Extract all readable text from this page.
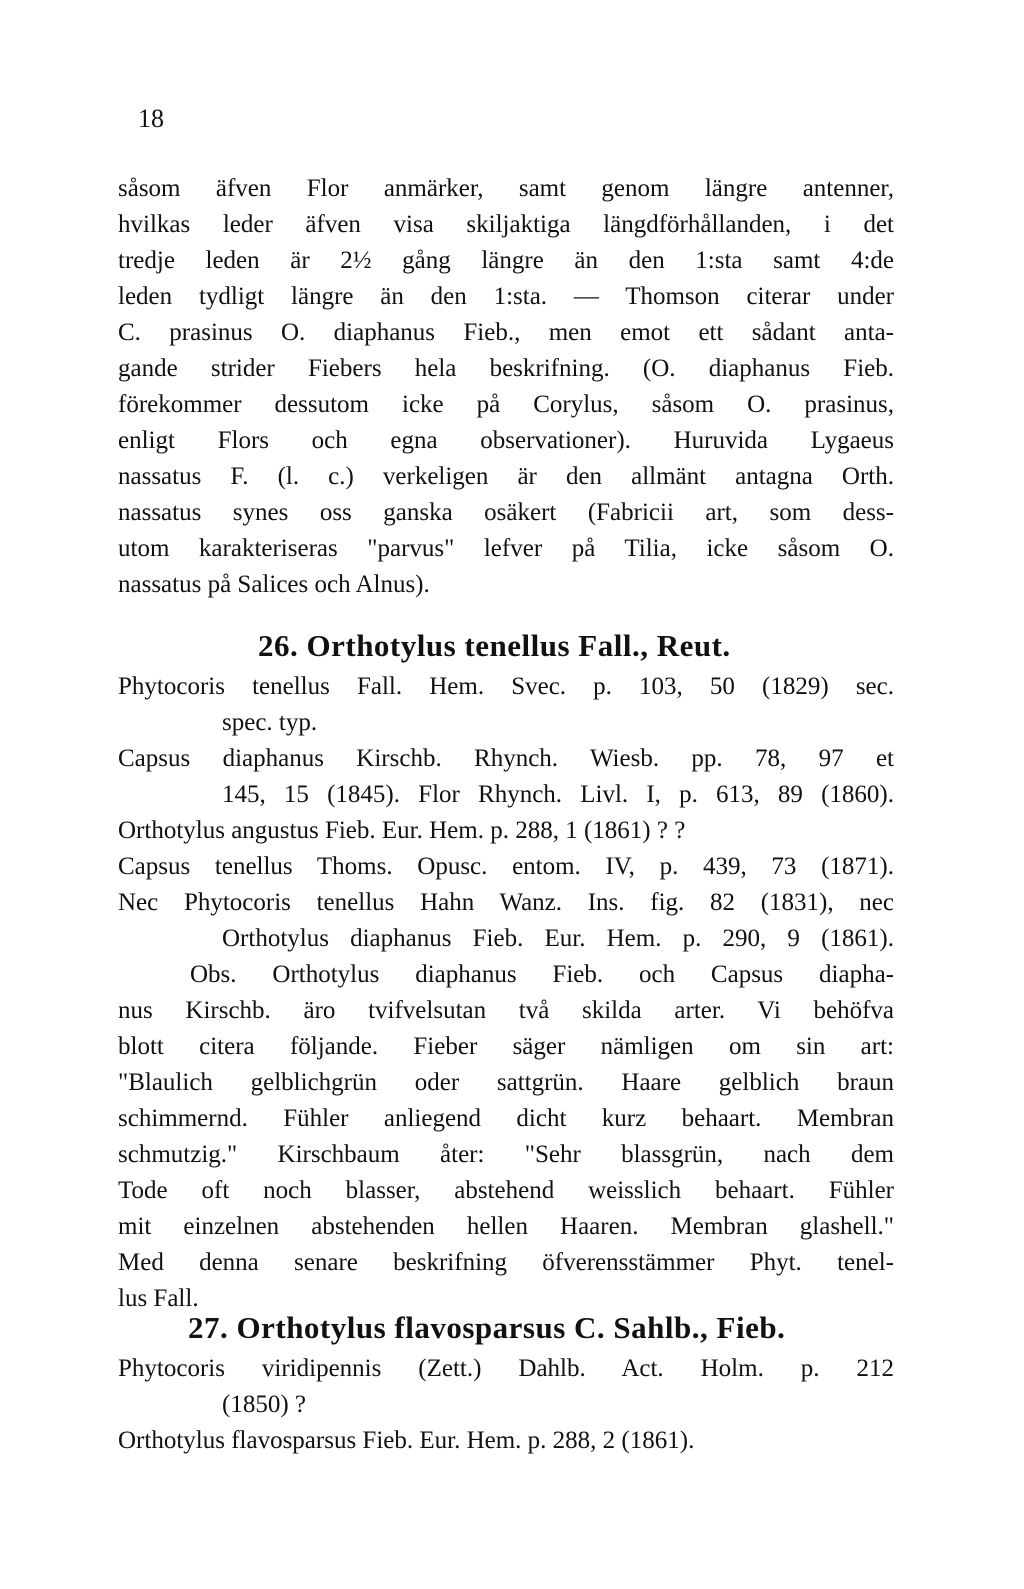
18
såsom äfven Flor anmärker, samt genom längre antenner,
hvilkas leder äfven visa skiljaktiga längdförhållanden, i det
tredje leden är 2½ gång längre än den 1:sta samt 4:de
leden tydligt längre än den 1:sta. — Thomson citerar under
C. prasinus O. diaphanus Fieb., men emot ett sådant anta-
gande strider Fiebers hela beskrifning. (O. diaphanus Fieb.
förekommer dessutom icke på Corylus, såsom O. prasinus,
enligt Flors och egna observationer). Huruvida Lygaeus
nassatus F. (l. c.) verkeligen är den allmänt antagna Orth.
nassatus synes oss ganska osäkert (Fabricii art, som dess-
utom karakteriseras "parvus" lefver på Tilia, icke såsom O.
nassatus på Salices och Alnus).
26. Orthotylus tenellus Fall., Reut.
Phytocoris tenellus Fall. Hem. Svec. p. 103, 50 (1829) sec.
spec. typ.
Capsus diaphanus Kirschb. Rhynch. Wiesb. pp. 78, 97 et
145, 15 (1845). Flor Rhynch. Livl. I, p. 613, 89 (1860).
Orthotylus angustus Fieb. Eur. Hem. p. 288, 1 (1861) ? ?
Capsus tenellus Thoms. Opusc. entom. IV, p. 439, 73 (1871).
Nec Phytocoris tenellus Hahn Wanz. Ins. fig. 82 (1831), nec
Orthotylus diaphanus Fieb. Eur. Hem. p. 290, 9 (1861).
Obs. Orthotylus diaphanus Fieb. och Capsus diapha-
nus Kirschb. äro tvifvelsutan två skilda arter. Vi behöfva
blott citera följande. Fieber säger nämligen om sin art:
"Blaulich gelblichgrün oder sattgrün. Haare gelblich braun
schimmernd. Fühler anliegend dicht kurz behaart. Membran
schmutzig." Kirschbaum åter: "Sehr blassgrün, nach dem
Tode oft noch blasser, abstehend weisslich behaart. Fühler
mit einzelnen abstehenden hellen Haaren. Membran glashell."
Med denna senare beskrifning öfverensstämmer Phyt. tenel-
lus Fall.
27. Orthotylus flavosparsus C. Sahlb., Fieb.
Phytocoris viridipennis (Zett.) Dahlb. Act. Holm. p. 212
(1850) ?
Orthotylus flavosparsus Fieb. Eur. Hem. p. 288, 2 (1861).
